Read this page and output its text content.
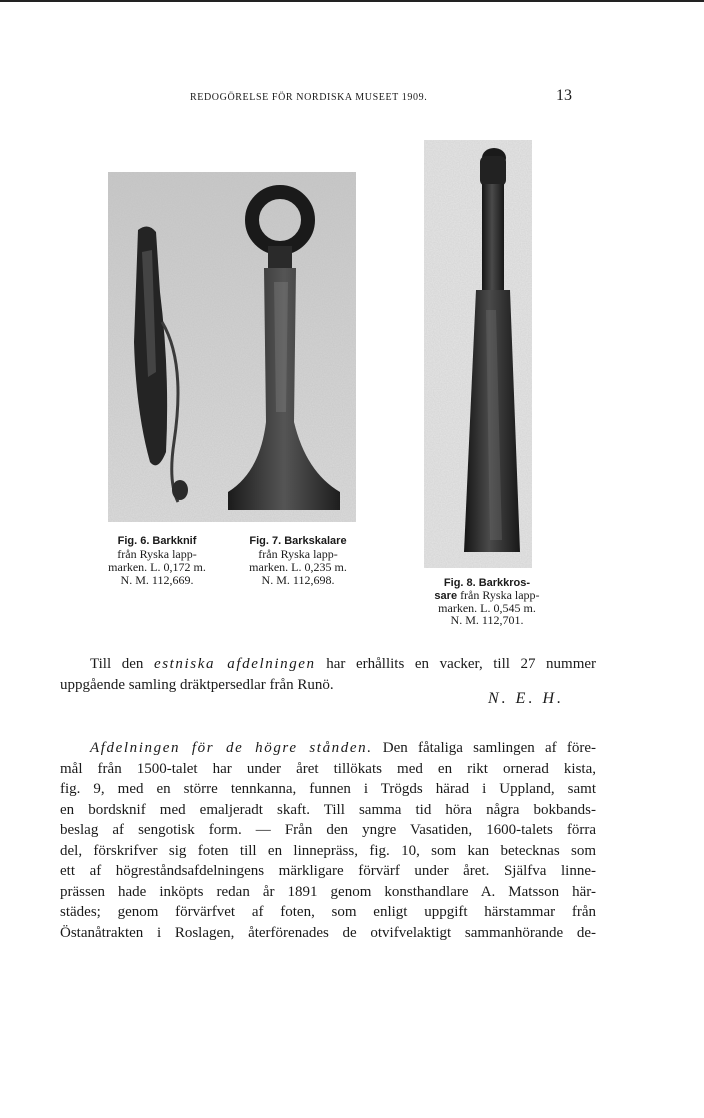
REDOGÖRELSE FÖR NORDISKA MUSEET 1909.	13
Fig. 6. Barkknif
från Ryska lapp-
marken. L. 0,172 m.
N. M. 112,669.
Fig. 7. Barkskalare
från Ryska lapp-
marken. L. 0,235 m.
N. M. 112,698.	Fig. 8. Barkkros-
sare från Ryska lapp-
marken. L. 0,545 m.
N. M. 112,701.
Till den estniska afdelningen har erhållits en vacker, till 27 nummer
uppgående samling dräktpersedlar från Runö.
N. E. H.
Afdelningen för de högre stånden. Den fåtaliga samlingen af före-
mål från 1500-talet har under året tillökats med en rikt ornerad kista,
fig. 9, med en större tennkanna, funnen i Trögds härad i Uppland, samt
en bordsknif med emaljeradt skaft. Till samma tid höra några bokbands-
beslag af sengotisk form. — Från den yngre Vasatiden, 1600-talets förra
del, förskrifver sig foten till en linnepräss, fig. 10, som kan betecknas som
ett af högreståndsafdelningens märkligare förvärf under året. Själfva linne-
prässen hade inköpts redan år 1891 genom konsthandlare A. Matsson här-
städes; genom förvärfvet af foten, som enligt uppgift härstammar från
Östanåtrakten i Roslagen, återförenades de otvifvelaktigt sammanhörande de-
